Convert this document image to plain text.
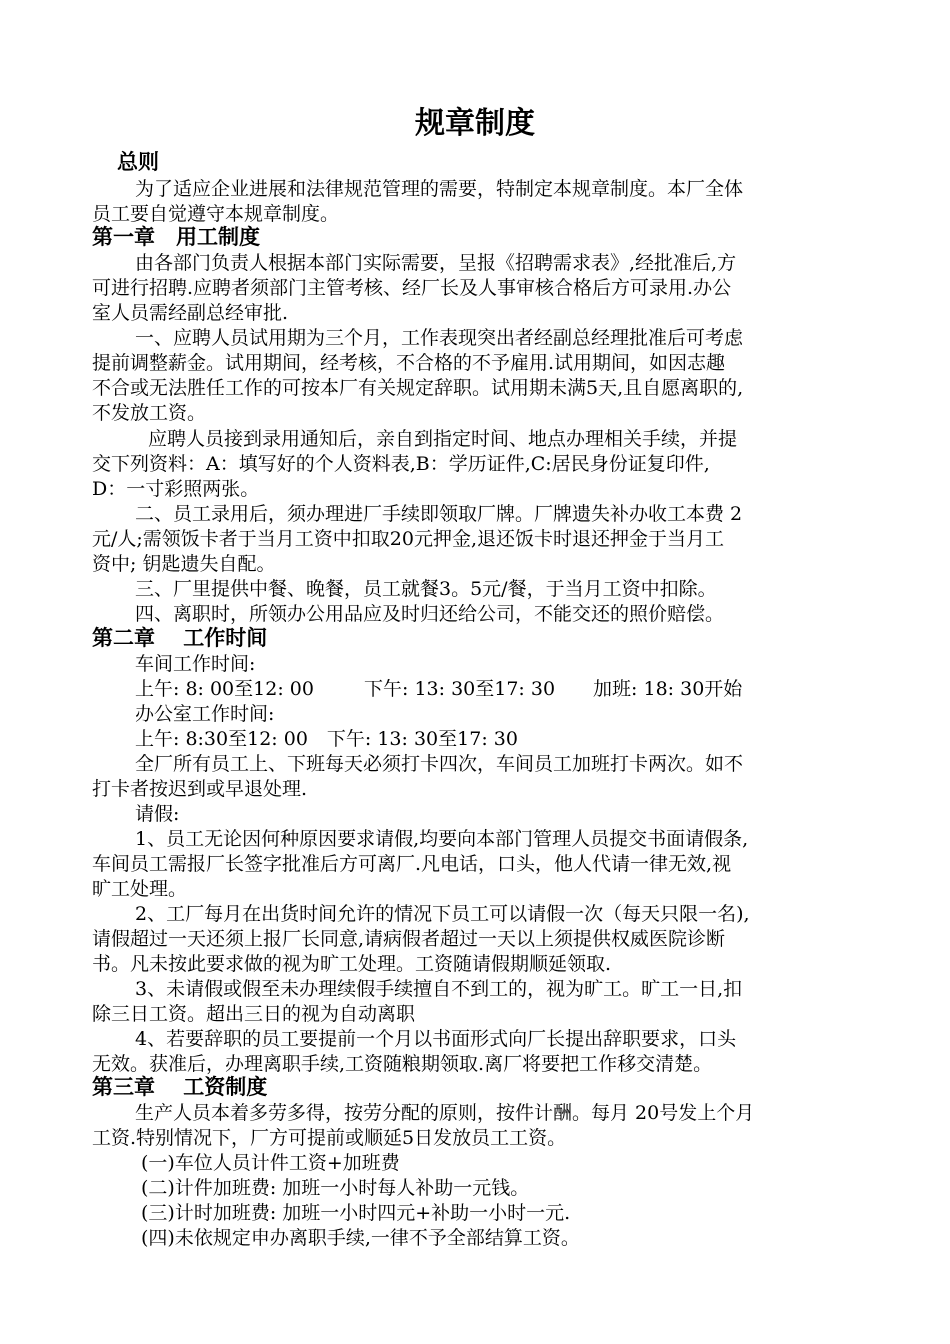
规章制度
总则
为了适应企业进展和法律规范管理的需要，特制定本规章制度。本厂全体
员工要自觉遵守本规章制度。
第一章　用工制度
由各部门负责人根据本部门实际需要，呈报《招聘需求表》,经批准后,方
可进行招聘.应聘者须部门主管考核、经厂长及人事审核合格后方可录用.办公
室人员需经副总经审批.
一、应聘人员试用期为三个月，工作表现突出者经副总经理批准后可考虑
提前调整薪金。试用期间，经考核，不合格的不予雇用.试用期间，如因志趣
不合或无法胜任工作的可按本厂有关规定辞职。试用期未满5天,且自愿离职的,
不发放工资。
应聘人员接到录用通知后，亲自到指定时间、地点办理相关手续，并提
交下列资料：A：填写好的个人资料表,B：学历证件,C:居民身份证复印件,
D：一寸彩照两张。
二、员工录用后，须办理进厂手续即领取厂牌。厂牌遗失补办收工本费 2
元/人;需领饭卡者于当月工资中扣取20元押金,退还饭卡时退还押金于当月工
资中; 钥匙遗失自配。
三、厂里提供中餐、晚餐，员工就餐3。5元/餐，于当月工资中扣除。
四、离职时，所领办公用品应及时归还给公司，不能交还的照价赔偿。
第二章　 工作时间
车间工作时间:
上午: 8: 00至12: 00 　　 下午: 13: 30至17: 30　　加班: 18: 30开始
办公室工作时间:
上午: 8:30至12: 00　下午: 13: 30至17: 30
全厂所有员工上、下班每天必须打卡四次，车间员工加班打卡两次。如不
打卡者按迟到或早退处理.
请假:
1、员工无论因何种原因要求请假,均要向本部门管理人员提交书面请假条,
车间员工需报厂长签字批准后方可离厂.凡电话，口头，他人代请一律无效,视
旷工处理。
2、工厂每月在出货时间允许的情况下员工可以请假一次（每天只限一名),
请假超过一天还须上报厂长同意,请病假者超过一天以上须提供权威医院诊断
书。凡未按此要求做的视为旷工处理。工资随请假期顺延领取.
3、未请假或假至未办理续假手续擅自不到工的，视为旷工。旷工一日,扣
除三日工资。超出三日的视为自动离职
4、若要辞职的员工要提前一个月以书面形式向厂长提出辞职要求，口头
无效。获准后，办理离职手续,工资随粮期领取.离厂将要把工作移交清楚。
第三章　 工资制度
生产人员本着多劳多得，按劳分配的原则，按件计酬。每月 20号发上个月
工资.特别情况下，厂方可提前或顺延5日发放员工工资。
(一)车位人员计件工资+加班费
(二)计件加班费: 加班一小时每人补助一元钱。
(三)计时加班费: 加班一小时四元+补助一小时一元.
(四)未依规定申办离职手续,一律不予全部结算工资。
